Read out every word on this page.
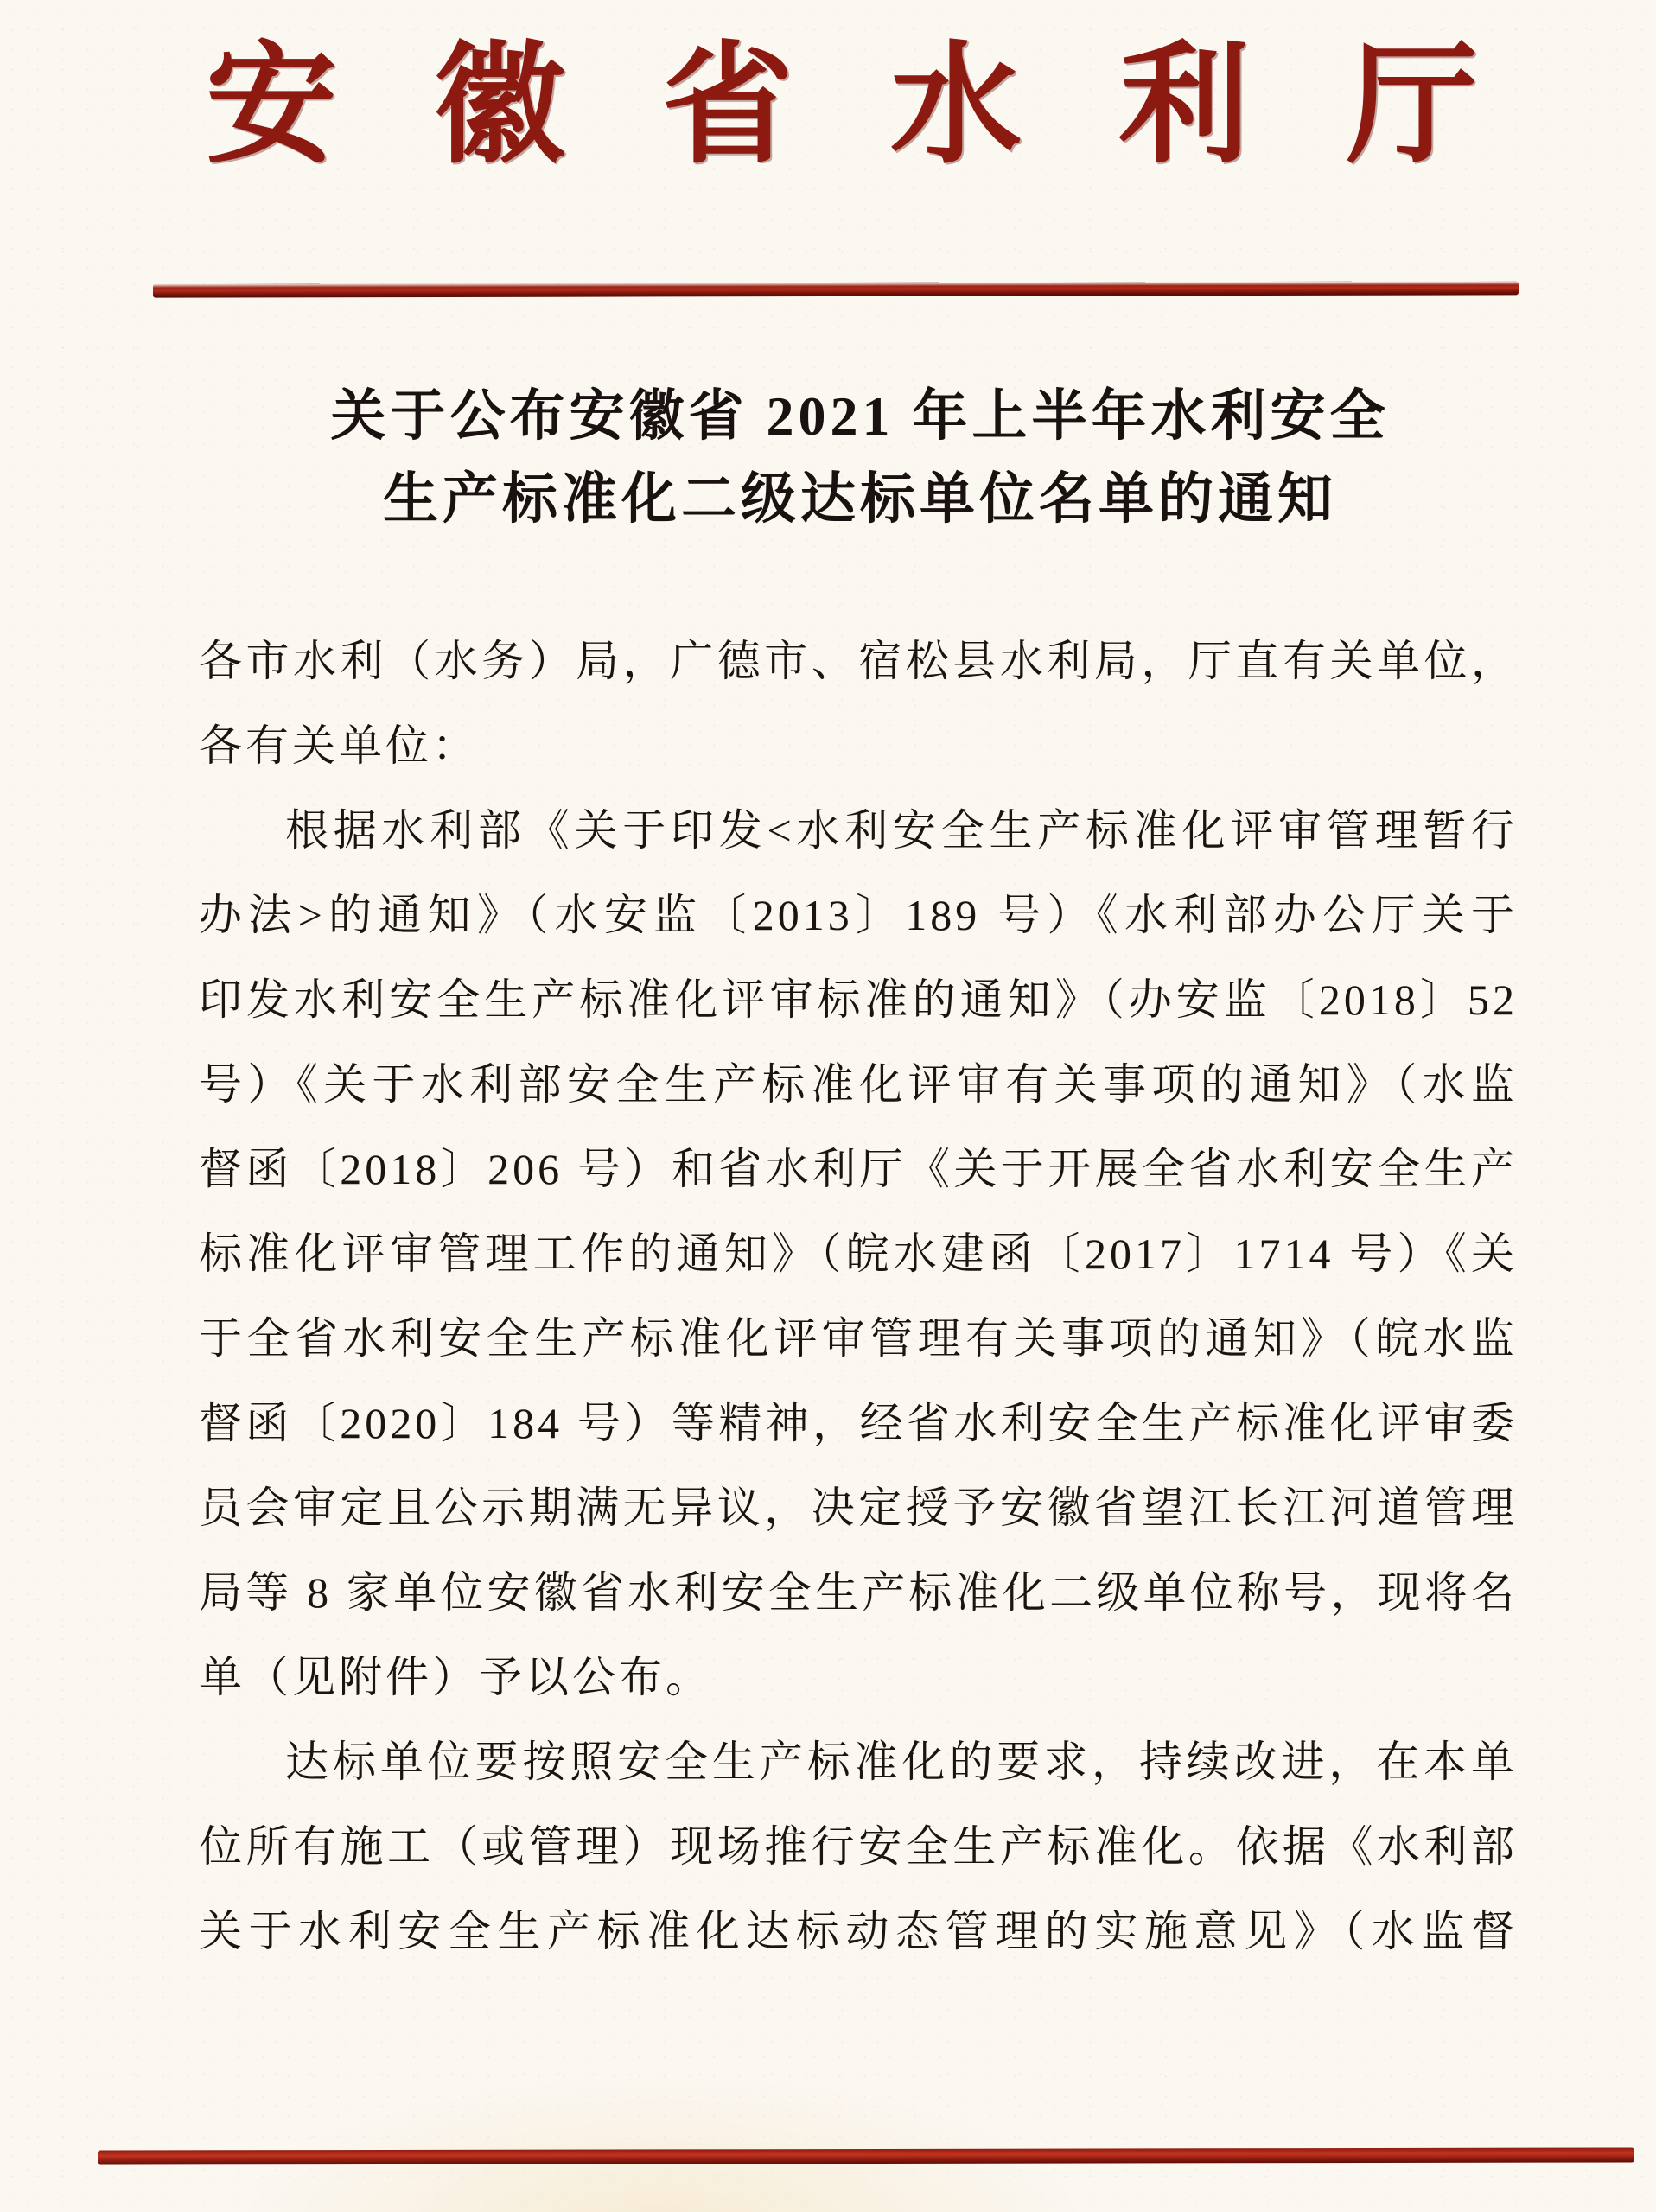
安徽省水利厅
关于公布安徽省 2021 年上半年水利安全
生产标准化二级达标单位名单的通知
各市水利（水务）局，广德市、宿松县水利局，厅直有关单位，
各有关单位：
根据水利部《关于印发<水利安全生产标准化评审管理暂行
办法>的通知》（水安监〔2013〕189 号）《水利部办公厅关于
印发水利安全生产标准化评审标准的通知》（办安监〔2018〕52
号）《关于水利部安全生产标准化评审有关事项的通知》（水监
督函〔2018〕206 号）和省水利厅《关于开展全省水利安全生产
标准化评审管理工作的通知》（皖水建函〔2017〕1714 号）《关
于全省水利安全生产标准化评审管理有关事项的通知》（皖水监
督函〔2020〕184 号）等精神，经省水利安全生产标准化评审委
员会审定且公示期满无异议，决定授予安徽省望江长江河道管理
局等 8 家单位安徽省水利安全生产标准化二级单位称号，现将名
单（见附件）予以公布。
达标单位要按照安全生产标准化的要求，持续改进，在本单
位所有施工（或管理）现场推行安全生产标准化。依据《水利部
关于水利安全生产标准化达标动态管理的实施意见》（水监督
